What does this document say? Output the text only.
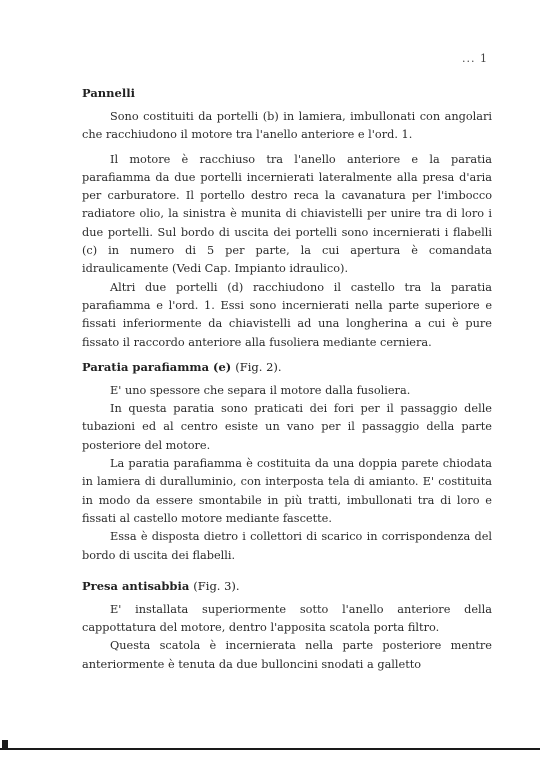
... 1
Pannelli

Sono costituiti da portelli (b) in lamiera, imbullonati con angolari che racchiudono il motore tra l'anello anteriore e l'ord. 1.

Il motore è racchiuso tra l'anello anteriore e la paratia parafiamma da due portelli incernierati lateralmente alla presa d'aria per carburatore. Il portello destro reca la cavanatura per l'imbocco radiatore olio, la sinistra è munita di chiavistelli per unire tra di loro i due portelli. Sul bordo di uscita dei portelli sono incernierati i flabelli (c) in numero di 5 per parte, la cui apertura è comandata idraulicamente (Vedi Cap. Impianto idraulico).

Altri due portelli (d) racchiudono il castello tra la paratia parafiamma e l'ord. 1. Essi sono incernierati nella parte superiore e fissati inferiormente da chiavistelli ad una longherina a cui è pure fissato il raccordo anteriore alla fusoliera mediante cerniera.

Paratia parafiamma (e) (Fig. 2).

E' uno spessore che separa il motore dalla fusoliera.

In questa paratia sono praticati dei fori per il passaggio delle tubazioni ed al centro esiste un vano per il passaggio della parte posteriore del motore.

La paratia parafiamma è costituita da una doppia parete chiodata in lamiera di duralluminio, con interposta tela di amianto. E' costituita in modo da essere smontabile in più tratti, imbullonati tra di loro e fissati al castello motore mediante fascette.

Essa è disposta dietro i collettori di scarico in corrispondenza del bordo di uscita dei flabelli.

Presa antisabbia (Fig. 3).

E' installata superiormente sotto l'anello anteriore della cappottatura del motore, dentro l'apposita scatola porta filtro.

Questa scatola è incernierata nella parte posteriore mentre anteriormente è tenuta da due bulloncini snodati a galletto
